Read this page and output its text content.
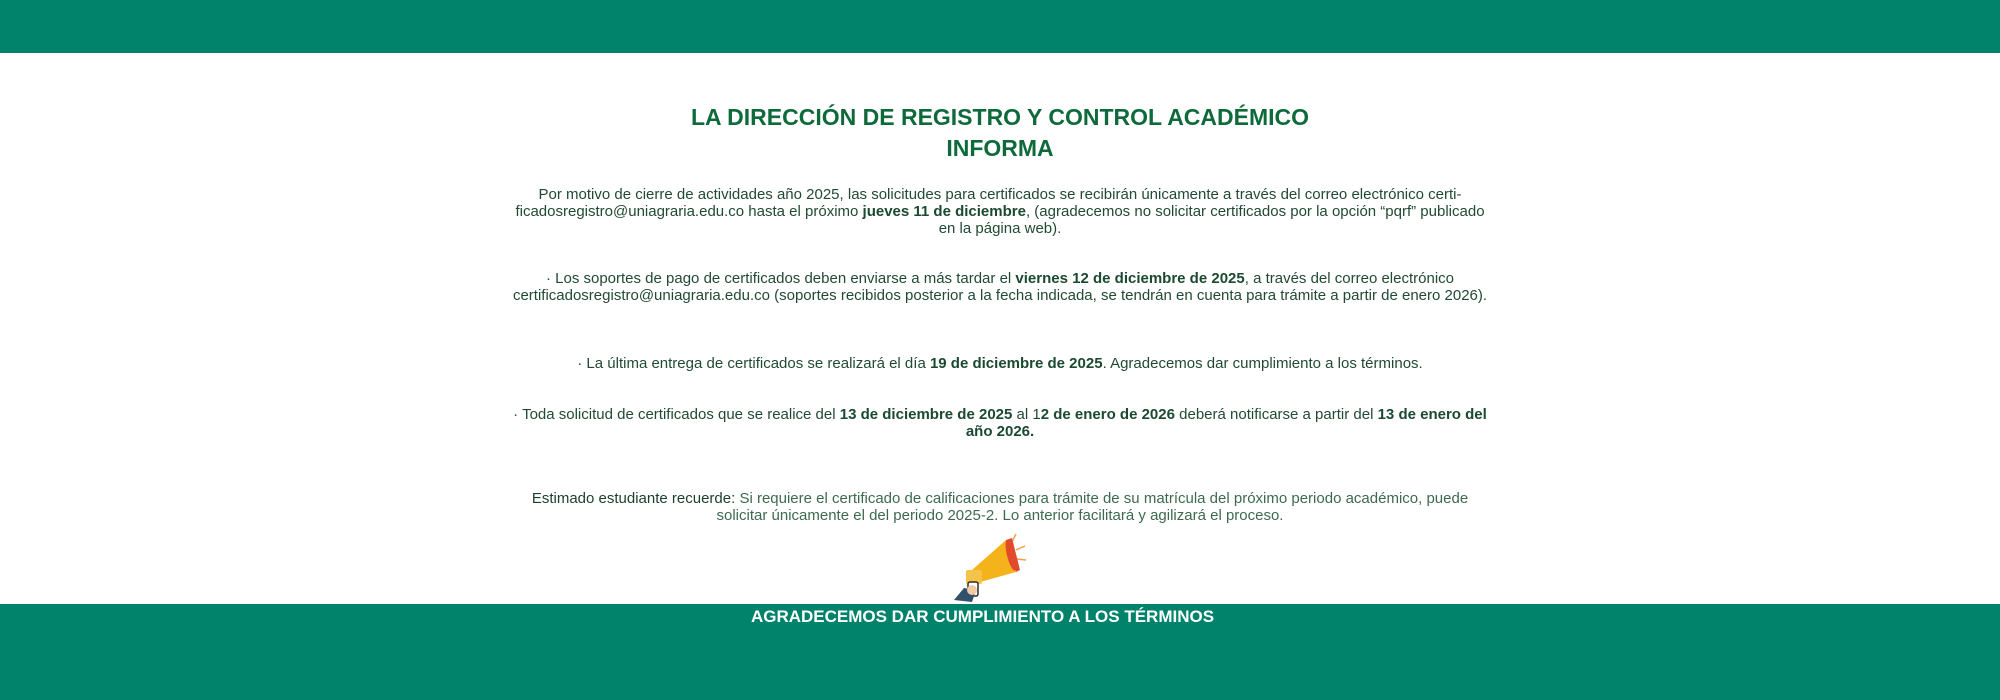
LA DIRECCIÓN DE REGISTRO Y CONTROL ACADÉMICO
INFORMA

Por motivo de cierre de actividades año 2025, las solicitudes para certificados se recibirán únicamente a través del correo electrónico certi-ficadosregistro@uniagraria.edu.co hasta el próximo jueves 11 de diciembre, (agradecemos no solicitar certificados por la opción “pqrf” publicado en la página web).

· Los soportes de pago de certificados deben enviarse a más tardar el viernes 12 de diciembre de 2025, a través del correo electrónico certificadosregistro@uniagraria.edu.co (soportes recibidos posterior a la fecha indicada, se tendrán en cuenta para trámite a partir de enero 2026).

· La última entrega de certificados se realizará el día 19 de diciembre de 2025. Agradecemos dar cumplimiento a los términos.

· Toda solicitud de certificados que se realice del 13 de diciembre de 2025 al 12 de enero de 2026 deberá notificarse a partir del 13 de enero del año 2026.

Estimado estudiante recuerde: Si requiere el certificado de calificaciones para trámite de su matrícula del próximo periodo académico, puede solicitar únicamente el del periodo 2025-2. Lo anterior facilitará y agilizará el proceso.

AGRADECEMOS DAR CUMPLIMIENTO A LOS TÉRMINOS
